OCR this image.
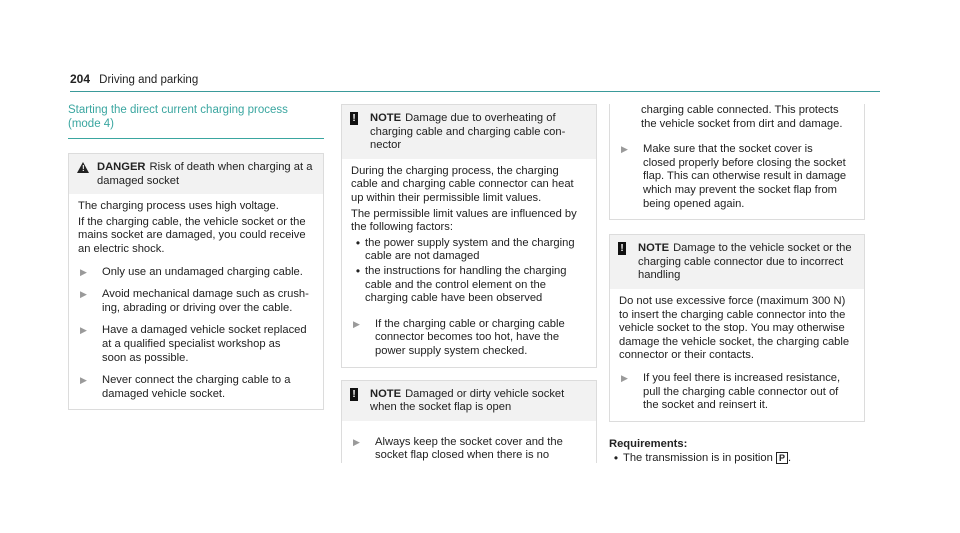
204 Driving and parking
Starting the direct current charging process
(mode 4)
! DANGER Risk of death when charging at a
damaged socket

The charging process uses high voltage.

If the charging cable, the vehicle socket or the
mains socket are damaged, you could receive
an electric shock.

▶	Only use an undamaged charging cable.
▶	Avoid mechanical damage such as crush-
ing, abrading or driving over the cable.
▶	Have a damaged vehicle socket replaced
at a qualified specialist workshop as
soon as possible.
▶	Never connect the charging cable to a
damaged vehicle socket.
! NOTE Damage due to overheating of
charging cable and charging cable con-
nector

During the charging process, the charging
cable and charging cable connector can heat
up within their permissible limit values.

The permissible limit values are influenced by
the following factors:

• the power supply system and the charging
cable are not damaged
• the instructions for handling the charging
cable and the control element on the
charging cable have been observed
▶	If the charging cable or charging cable
connector becomes too hot, have the
power supply system checked.
! NOTE Damaged or dirty vehicle socket
when the socket flap is open
▶	Always keep the socket cover and the
socket flap closed when there is no
charging cable connected. This protects
the vehicle socket from dirt and damage.
▶	Make sure that the socket cover is
closed properly before closing the socket
flap. This can otherwise result in damage
which may prevent the socket flap from
being opened again.
! NOTE Damage to the vehicle socket or the
charging cable connector due to incorrect
handling

Do not use excessive force (maximum 300 N)
to insert the charging cable connector into the
vehicle socket to the stop. You may otherwise
damage the vehicle socket, the charging cable
connector or their contacts.

▶	If you feel there is increased resistance,
pull the charging cable connector out of
the socket and reinsert it.
Requirements:
• The transmission is in position P .
